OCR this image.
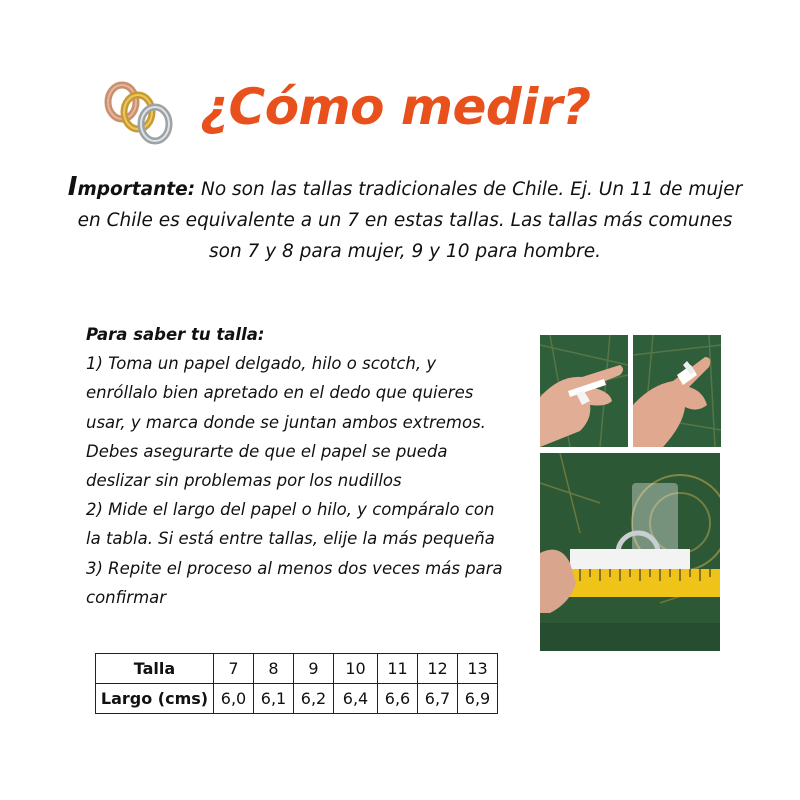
¿Cómo medir?
Importante: No son las tallas tradicionales de Chile. Ej. Un 11 de mujer en Chile es equivalente a un 7 en estas tallas. Las tallas más comunes son 7 y 8 para mujer, 9 y 10 para hombre.

Para saber tu talla:

1) Toma un papel delgado, hilo o scotch, y enróllalo bien apretado en el dedo que quieres usar, y marca donde se juntan ambos extremos. Debes asegurarte de que el papel se pueda deslizar sin problemas por los nudillos

2) Mide el largo del papel o hilo, y compáralo con la tabla. Si está entre tallas, elije la más pequeña

3) Repite el proceso al menos dos veces más para confirmar

Talla	7	8	9	10	11	12	13
Largo (cms)	6,0	6,1	6,2	6,4	6,6	6,7	6,9
